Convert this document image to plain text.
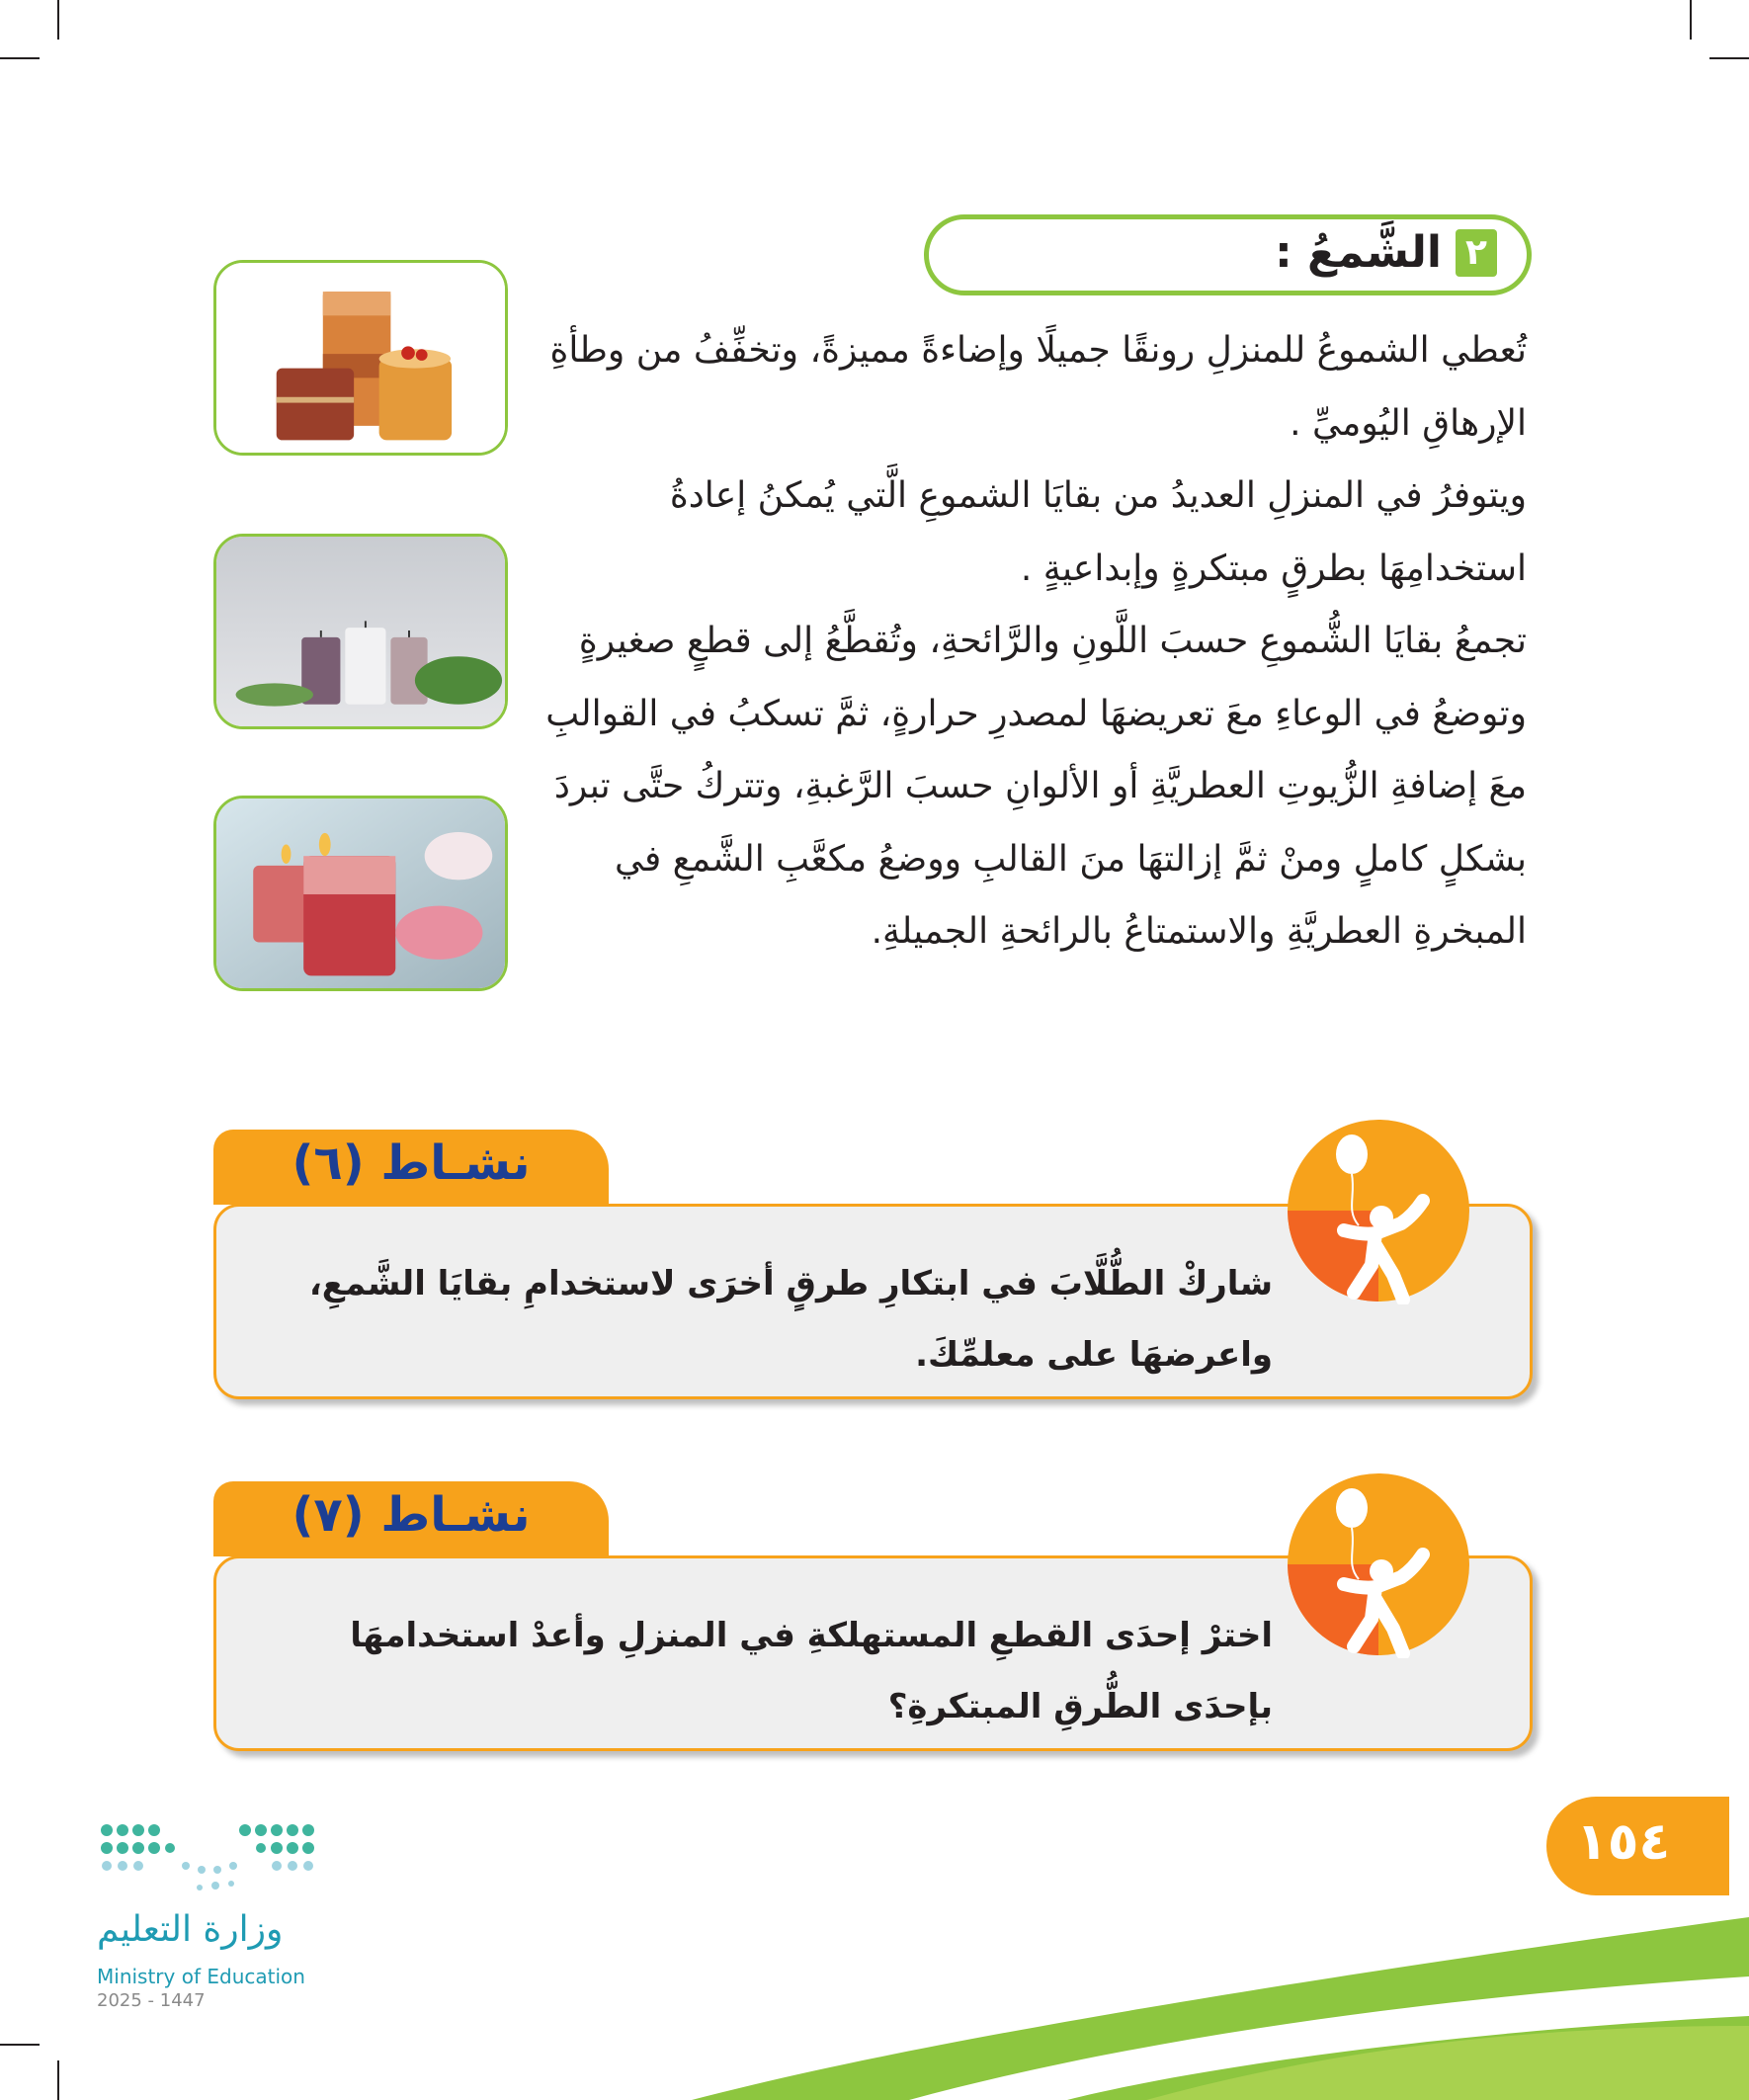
٢
الشَّمعُ :

تُعطي الشموعُ للمنزلِ رونقًا جميلًا وإضاءةً مميزةً، وتخفِّفُ من وطأةِ الإرهاقِ اليُوميِّ .

ويتوفرُ في المنزلِ العديدُ من بقايَا الشموعِ الَّتي يُمكنُ إعادةُ استخدامِهَا بطرقٍ مبتكرةٍ وإبداعيةٍ .

تجمعُ بقايَا الشُّموعِ حسبَ اللَّونِ والرَّائحةِ، وتُقطَّعُ إلى قطعٍ صغيرةٍ وتوضعُ في الوعاءِ معَ تعريضهَا لمصدرِ حرارةٍ، ثمَّ تسكبُ في القوالبِ معَ إضافةِ الزُّيوتِ العطريَّةِ أو الألوانِ حسبَ الرَّغبةِ، وتتركُ حتَّى تبردَ بشكلٍ كاملٍ ومنْ ثمَّ إزالتهَا منَ القالبِ ووضعُ مكعَّبِ الشَّمعِ في المبخرةِ العطريَّةِ والاستمتاعُ بالرائحةِ الجميلةِ.

نشـاط (٦)
شاركْ الطُّلَّابَ في ابتكارِ طرقٍ أخرَى لاستخدامِ بقايَا الشَّمعِ، واعرضهَا على معلمِّكَ.
نشـاط (٧)
اخترْ إحدَى القطعِ المستهلكةِ في المنزلِ وأعدْ استخدامهَا بإحدَى الطُّرقِ المبتكرةِ؟
١٥٤
وزارة التعليم
Ministry of Education
2025 - 1447
